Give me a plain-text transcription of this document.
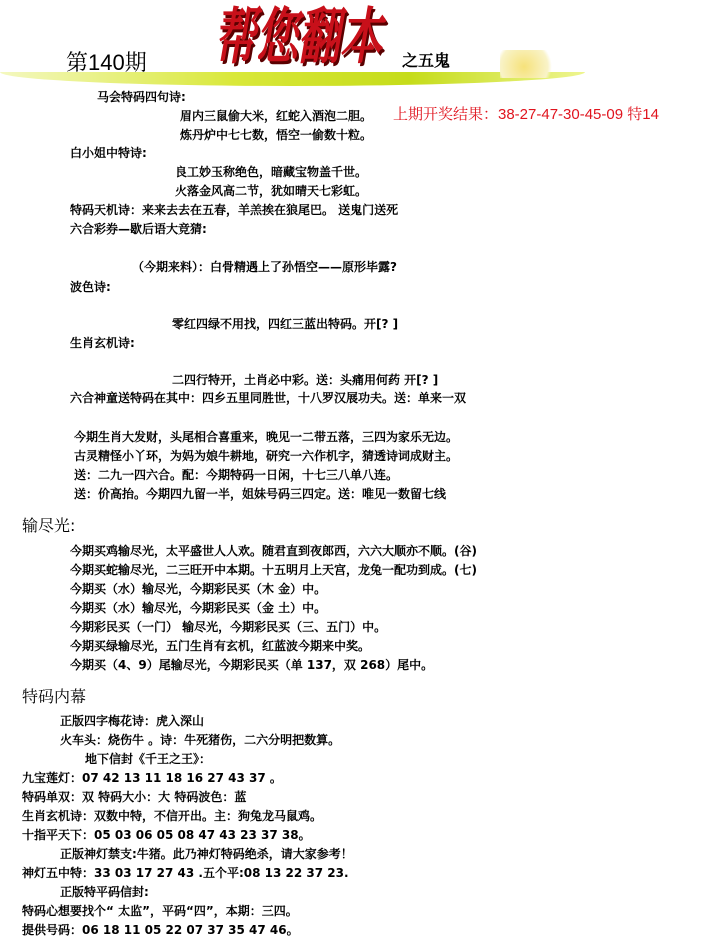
第140期 帮您翻本 之五鬼
上期开奖结果：38-27-47-30-45-09 特14
马会特码四句诗:
眉内三鼠偷大米，红蛇入酒泡二胆。
炼丹炉中七七数，悟空一偷数十粒。
白小姐中特诗:
良工妙玉称绝色，暗藏宝物盖千世。
火落金风高二节，犹如晴天七彩虹。
特码天机诗：来来去去在五春，羊羔挨在狼尾巴。 送鬼门送死
六合彩券—歇后语大竞猜:
（今期来料）：白骨精遇上了孙悟空——原形毕露?
波色诗:
零红四绿不用找，四红三蓝出特码。开[? ]
生肖玄机诗:
二四行特开，土肖必中彩。送：头痛用何药 开[? ]
六合神童送特码在其中：四乡五里同胜世，十八罗汉展功夫。送：单来一双
今期生肖大发财，头尾相合喜重来，晚见一二带五落，三四为家乐无边。
古灵精怪小丫环，为妈为娘牛耕地，研究一六作机字，猜透诗词成财主。
送：二九一四六合。配：今期特码一日闲，十七三八单八连。
送：价高抬。今期四九留一半，姐妹号码三四定。送：唯见一数留七线
输尽光:
今期买鸡输尽光，太平盛世人人欢。随君直到夜郎西，六六大顺亦不顺。(谷)
今期买蛇输尽光，二三旺开中本期。十五明月上天宫，龙兔一配功到成。(七)
今期买（水）输尽光，今期彩民买（木 金）中。
今期买（水）输尽光，今期彩民买（金 土）中。
今期彩民买（一门） 输尽光，今期彩民买（三、五门）中。
今期买绿输尽光，五门生肖有玄机，红蓝波今期来中奖。
今期买（4、9）尾输尽光，今期彩民买（单 137，双 268）尾中。
特码内幕
正版四字梅花诗：虎入深山
火车头：烧伤牛 。诗：牛死猪伤，二六分明把数算。
地下信封《千王之王》：
九宝莲灯：07 42 13 11 18 16 27 43 37 。
特码单双：双 特码大小：大 特码波色：蓝
生肖玄机诗：双数中特，不信开出。主：狗兔龙马鼠鸡。
十指平天下：05 03 06 05 08 47 43 23 37 38。
正版神灯禁支:牛猪。此乃神灯特码绝杀，请大家参考！
神灯五中特：33 03 17 27 43 .五个平:08 13 22 37 23.
正版特平码信封:
特码心想要找个“ 太监”，平码“四”，本期：三四。
提供号码：06 18 11 05 22 07 37 35 47 46。
